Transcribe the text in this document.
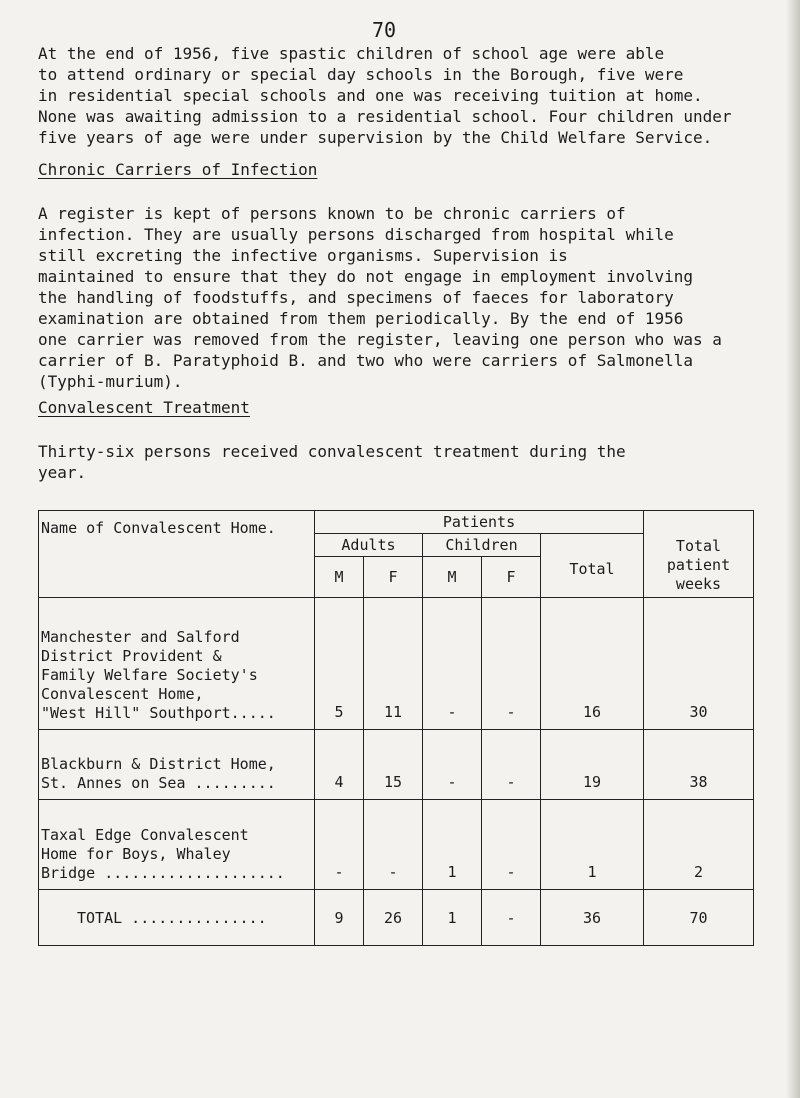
70

At the end of 1956, five spastic children of school age were able
to attend ordinary or special day schools in the Borough, five were
in residential special schools and one was receiving tuition at home.
None was awaiting admission to a residential school. Four children under
five years of age were under supervision by the Child Welfare Service.

Chronic Carriers of Infection

A register is kept of persons known to be chronic carriers of
infection. They are usually persons discharged from hospital while
still excreting the infective organisms. Supervision is
maintained to ensure that they do not engage in employment involving
the handling of foodstuffs, and specimens of faeces for laboratory
examination are obtained from them periodically. By the end of 1956
one carrier was removed from the register, leaving one person who was a
carrier of B. Paratyphoid B. and two who were carriers of Salmonella
(Typhi-murium).

Convalescent Treatment

Thirty-six persons received convalescent treatment during the
year.

Name of Convalescent Home.	Patients					Total patient
weeks
	Adults		Children		Total	
	M	F	M	F		
Manchester and Salford
District Provident &
Family Welfare Society's
Convalescent Home,
"West Hill" Southport.....	5	11	-	-	16	30
Blackburn & District Home,
St. Annes on Sea .........	4	15	-	-	19	38
Taxal Edge Convalescent
Home for Boys, Whaley
Bridge ....................	-	-	1	-	1	2
TOTAL ...............	9	26	1	-	36	70
